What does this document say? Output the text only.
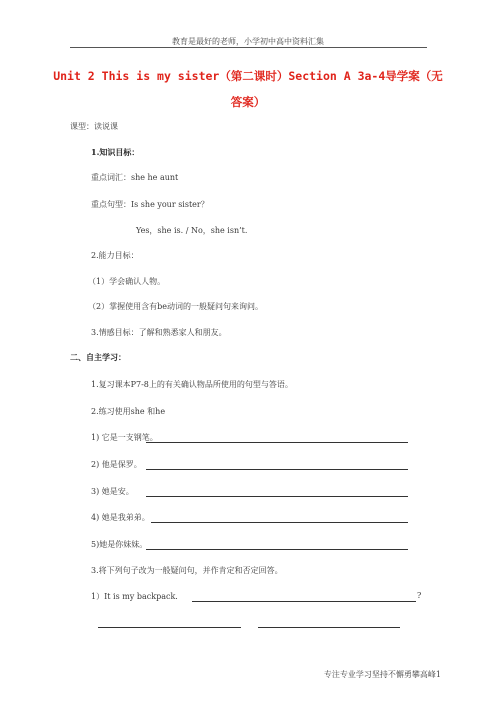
教育是最好的老师，小学初中高中资料汇集
Unit 2 This is my sister（第二课时）Section A 3a-4导学案（无
答案）
课型：读说课
1.知识目标：
重点词汇：she he aunt
重点句型：Is she your sister？
Yes，she is. / No，she isn’t.
2.能力目标：
（1）学会确认人物。
（2）掌握使用含有be动词的一般疑问句来询问。
3.情感目标：了解和熟悉家人和朋友。
二、自主学习：
1.复习课本P7-8上的有关确认物品所使用的句型与答语。
2.练习使用she 和he
1) 它是一支钢笔。
2) 他是保罗。
3) 她是安。
4) 她是我弟弟。
5)她是你妹妹。
3.将下列句子改为一般疑问句，并作肯定和否定回答。
1）It is my backpack.	?
专注专业学习坚持不懈勇攀高峰1
